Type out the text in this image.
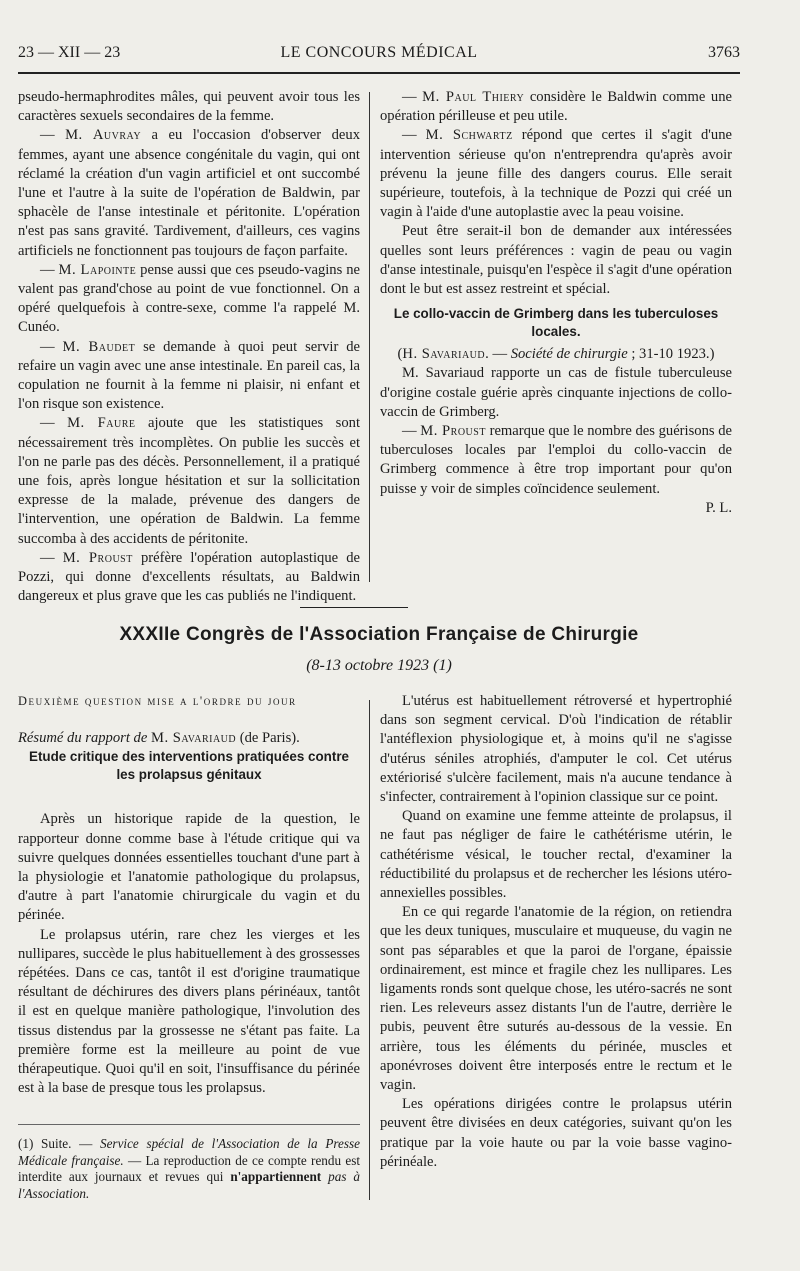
23 — XII — 23	LE CONCOURS MÉDICAL	3763

pseudo-hermaphrodites mâles, qui peuvent avoir tous les caractères sexuels secondaires de la femme.

— M. Auvray a eu l'occasion d'observer deux femmes, ayant une absence congénitale du vagin, qui ont réclamé la création d'un vagin artificiel et ont succombé l'une et l'autre à la suite de l'opération de Baldwin, par sphacèle de l'anse intestinale et péritonite. L'opération n'est pas sans gravité. Tardivement, d'ailleurs, ces vagins artificiels ne fonctionnent pas toujours de façon parfaite.

— M. Lapointe pense aussi que ces pseudo-vagins ne valent pas grand'chose au point de vue fonctionnel. On a opéré quelquefois à contre-sexe, comme l'a rappelé M. Cunéo.

— M. Baudet se demande à quoi peut servir de refaire un vagin avec une anse intestinale. En pareil cas, la copulation ne fournit à la femme ni plaisir, ni enfant et l'on risque son existence.

— M. Faure ajoute que les statistiques sont nécessairement très incomplètes. On publie les succès et l'on ne parle pas des décès. Personnellement, il a pratiqué une fois, après longue hésitation et sur la sollicitation expresse de la malade, prévenue des dangers de l'intervention, une opération de Baldwin. La femme succomba à des accidents de péritonite.

— M. Proust préfère l'opération autoplastique de Pozzi, qui donne d'excellents résultats, au Baldwin dangereux et plus grave que les cas publiés ne l'indiquent.

— M. Paul Thiery considère le Baldwin comme une opération périlleuse et peu utile.

— M. Schwartz répond que certes il s'agit d'une intervention sérieuse qu'on n'entreprendra qu'après avoir prévenu la jeune fille des dangers courus. Elle serait supérieure, toutefois, à la technique de Pozzi qui créé un vagin à l'aide d'une autoplastie avec la peau voisine.

Peut être serait-il bon de demander aux intéressées quelles sont leurs préférences : vagin de peau ou vagin d'anse intestinale, puisqu'en l'espèce il s'agit d'une opération dont le but est assez restreint et spécial.

Le collo-vaccin de Grimberg dans les tuberculoses locales.

(H. Savariaud. — Société de chirurgie ; 31-10 1923.)

M. Savariaud rapporte un cas de fistule tuberculeuse d'origine costale guérie après cinquante injections de collo-vaccin de Grimberg.

— M. Proust remarque que le nombre des guérisons de tuberculoses locales par l'emploi du collo-vaccin de Grimberg commence à être trop important pour qu'on puisse y voir de simples coïncidence seulement.

P. L.

XXXIIe Congrès de l'Association Française de Chirurgie
(8-13 octobre 1923 (1)
Deuxième question mise a l'ordre du jour

Résumé du rapport de M. Savariaud (de Paris).

Etude critique des interventions pratiquées contre les prolapsus génitaux

Après un historique rapide de la question, le rapporteur donne comme base à l'étude critique qui va suivre quelques données essentielles touchant d'une part à la physiologie et l'anatomie pathologique du prolapsus, d'autre à part l'anatomie chirurgicale du vagin et du périnée.

Le prolapsus utérin, rare chez les vierges et les nullipares, succède le plus habituellement à des grossesses répétées. Dans ce cas, tantôt il est d'origine traumatique résultant de déchirures des divers plans périnéaux, tantôt il est en quelque manière pathologique, l'involution des tissus distendus par la grossesse ne s'étant pas faite. La première forme est la meilleure au point de vue thérapeutique. Quoi qu'il en soit, l'insuffisance du périnée est à la base de presque tous les prolapsus.

L'utérus est habituellement rétroversé et hypertrophié dans son segment cervical. D'où l'indication de rétablir l'antéflexion physiologique et, à moins qu'il ne s'agisse d'utérus séniles atrophiés, d'amputer le col. Cet utérus extériorisé s'ulcère facilement, mais n'a aucune tendance à s'infecter, contrairement à l'opinion classique sur ce point.

Quand on examine une femme atteinte de prolapsus, il ne faut pas négliger de faire le cathétérisme utérin, le cathétérisme vésical, le toucher rectal, d'examiner la réductibilité du prolapsus et de rechercher les lésions utéro-annexielles possibles.

En ce qui regarde l'anatomie de la région, on retiendra que les deux tuniques, musculaire et muqueuse, du vagin ne sont pas séparables et que la paroi de l'organe, épaissie ordinairement, est mince et fragile chez les nullipares. Les ligaments ronds sont quelque chose, les utéro-sacrés ne sont rien. Les releveurs assez distants l'un de l'autre, derrière le pubis, peuvent être suturés au-dessous de la vessie. En arrière, tous les éléments du périnée, muscles et aponévroses doivent être interposés entre le rectum et le vagin.

Les opérations dirigées contre le prolapsus utérin peuvent être divisées en deux catégories, suivant qu'on les pratique par la voie haute ou par la voie basse vagino-périnéale.

(1) Suite. — Service spécial de l'Association de la Presse Médicale française. — La reproduction de ce compte rendu est interdite aux journaux et revues qui n'appartiennent pas à l'Association.
